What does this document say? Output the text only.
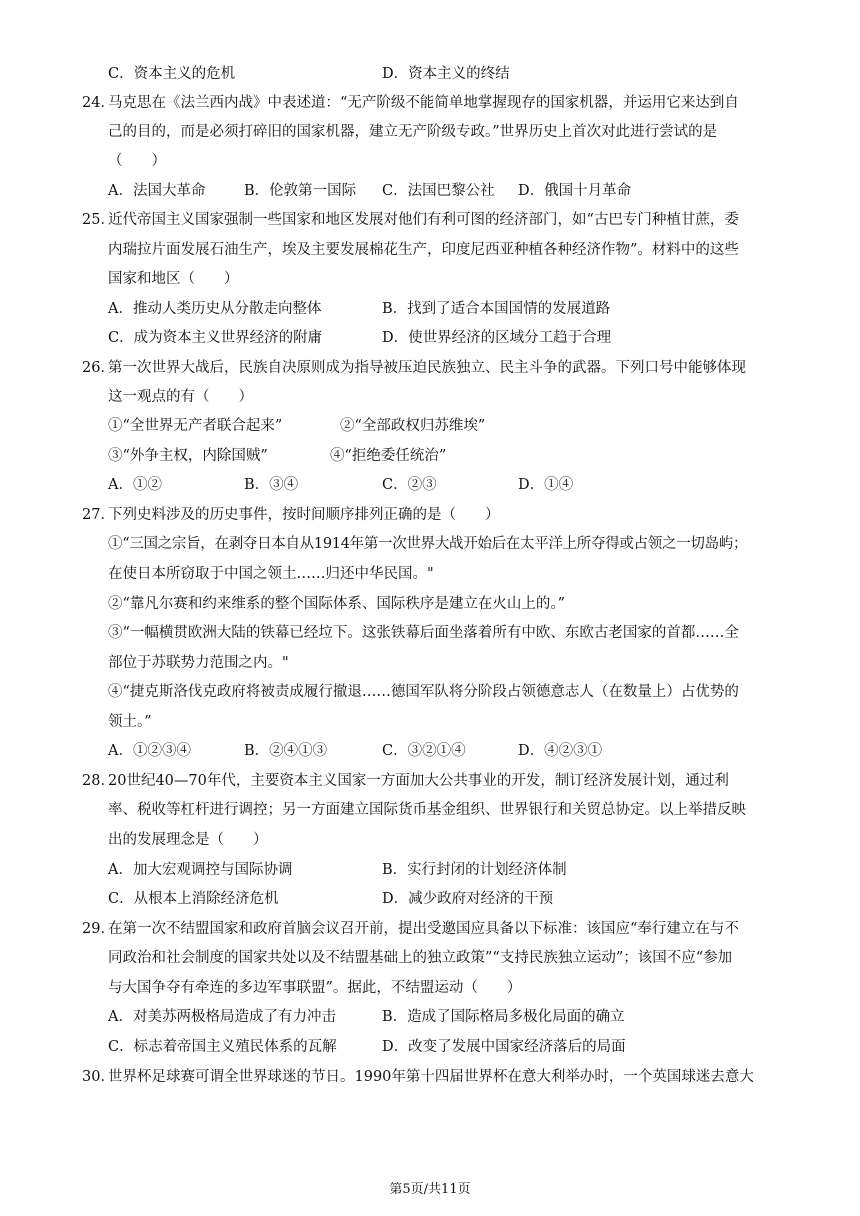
C．资本主义的危机	D．资本主义的终结
24．
马克思在《法兰西内战》中表述道：“无产阶级不能简单地掌握现存的国家机器，并运用它来达到自
己的目的，而是必须打碎旧的国家机器，建立无产阶级专政。”世界历史上首次对此进行尝试的是
（　　）
A．法国大革命	B．伦敦第一国际 C．法国巴黎公社 D．俄国十月革命
25．
近代帝国主义国家强制一些国家和地区发展对他们有利可图的经济部门，如“古巴专门种植甘蔗，委
内瑞拉片面发展石油生产，埃及主要发展棉花生产，印度尼西亚种植各种经济作物”。材料中的这些
国家和地区（　　）
A．推动人类历史从分散走向整体	B．找到了适合本国国情的发展道路
C．成为资本主义世界经济的附庸	D．使世界经济的区域分工趋于合理
26．
第一次世界大战后，民族自决原则成为指导被压迫民族独立、民主斗争的武器。下列口号中能够体现
这一观点的有（　　）
①“全世界无产者联合起来”	②“全部政权归苏维埃”
③“外争主权，内除国贼”	④“拒绝委任统治”
A．①②	B．③④	C．②③	D．①④
27．
下列史料涉及的历史事件，按时间顺序排列正确的是（　　）
①“三国之宗旨，在剥夺日本自从1914年第一次世界大战开始后在太平洋上所夺得或占领之一切岛屿；
在使日本所窃取于中国之领土……归还中华民国。"
②“靠凡尔赛和约来维系的整个国际体系、国际秩序是建立在火山上的。”
③“一幅横贯欧洲大陆的铁幕已经垃下。这张铁幕后面坐落着所有中欧、东欧古老国家的首都……全
部位于苏联势力范围之内。"
④“捷克斯洛伐克政府将被责成履行撤退……德国军队将分阶段占领德意志人（在数量上）占优势的
领土。”
A．①②③④	B．②④①③	C．③②①④	D．④②③①
28．
20世纪40—70年代，主要资本主义国家一方面加大公共事业的开发，制订经济发展计划，通过利
率、税收等杠杆进行调控；另一方面建立国际货币基金组织、世界银行和关贸总协定。以上举措反映
出的发展理念是（　　）
A．加大宏观调控与国际协调	B．实行封闭的计划经济体制
C．从根本上消除经济危机	D．减少政府对经济的干预
29．
在第一次不结盟国家和政府首脑会议召开前，提出受邀国应具备以下标准：该国应“奉行建立在与不
同政治和社会制度的国家共处以及不结盟基础上的独立政策”“支持民族独立运动”；该国不应“参加
与大国争夺有牵连的多边军事联盟”。据此，不结盟运动（　　）
A．对美苏两极格局造成了有力冲击	B．造成了国际格局多极化局面的确立
C．标志着帝国主义殖民体系的瓦解	D．改变了发展中国家经济落后的局面
30．
世界杯足球赛可谓全世界球迷的节日。1990年第十四届世界杯在意大利举办时，一个英国球迷去意大
第5页/共11页
